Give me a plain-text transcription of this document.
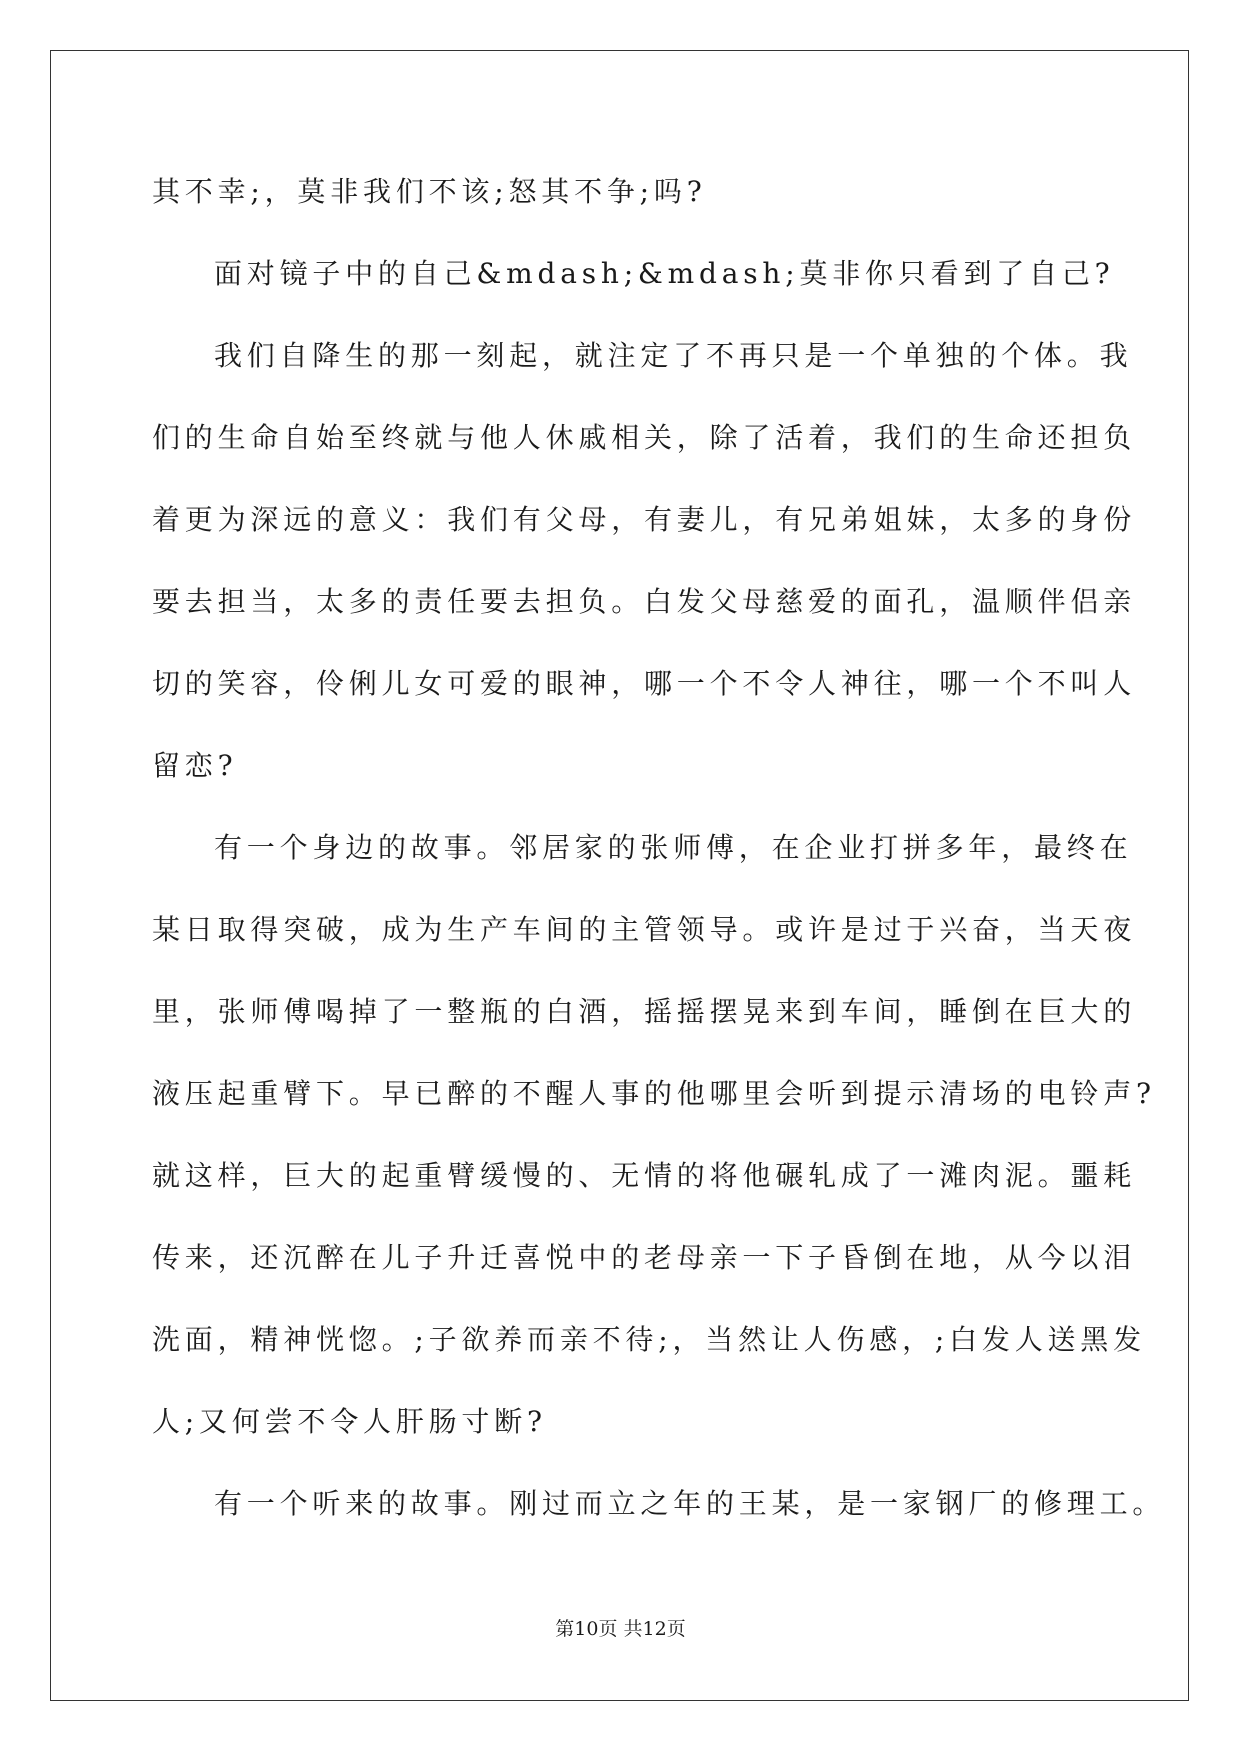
其不幸;，莫非我们不该;怒其不争;吗?
面对镜子中的自己&mdash;&mdash;莫非你只看到了自己?
我们自降生的那一刻起，就注定了不再只是一个单独的个体。我
们的生命自始至终就与他人休戚相关，除了活着，我们的生命还担负
着更为深远的意义：我们有父母，有妻儿，有兄弟姐妹，太多的身份
要去担当，太多的责任要去担负。白发父母慈爱的面孔，温顺伴侣亲
切的笑容，伶俐儿女可爱的眼神，哪一个不令人神往，哪一个不叫人
留恋?
有一个身边的故事。邻居家的张师傅，在企业打拼多年，最终在
某日取得突破，成为生产车间的主管领导。或许是过于兴奋，当天夜
里，张师傅喝掉了一整瓶的白酒，摇摇摆晃来到车间，睡倒在巨大的
液压起重臂下。早已醉的不醒人事的他哪里会听到提示清场的电铃声?
就这样，巨大的起重臂缓慢的、无情的将他碾轧成了一滩肉泥。噩耗
传来，还沉醉在儿子升迁喜悦中的老母亲一下子昏倒在地，从今以泪
洗面，精神恍惚。;子欲养而亲不待;，当然让人伤感，;白发人送黑发
人;又何尝不令人肝肠寸断?
有一个听来的故事。刚过而立之年的王某，是一家钢厂的修理工。
第10页 共12页
